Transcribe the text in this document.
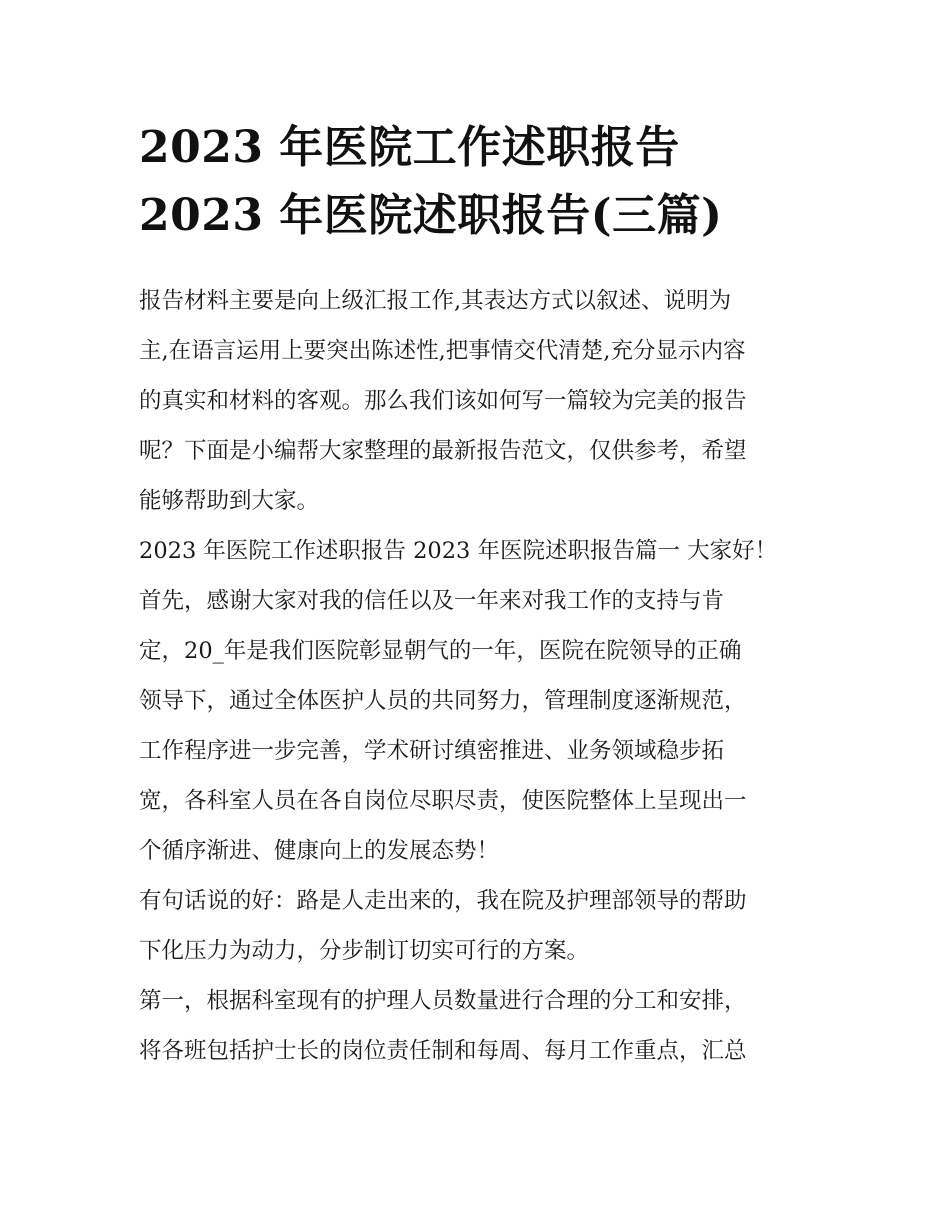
2023 年医院工作述职报告
2023 年医院述职报告(三篇)

报告材料主要是向上级汇报工作,其表达方式以叙述、说明为
主,在语言运用上要突出陈述性,把事情交代清楚,充分显示内容
的真实和材料的客观。那么我们该如何写一篇较为完美的报告
呢？下面是小编帮大家整理的最新报告范文，仅供参考，希望
能够帮助到大家。

2023 年医院工作述职报告 2023 年医院述职报告篇一 大家好！
首先，感谢大家对我的信任以及一年来对我工作的支持与肯
定，20_年是我们医院彰显朝气的一年，医院在院领导的正确
领导下，通过全体医护人员的共同努力，管理制度逐渐规范，
工作程序进一步完善，学术研讨缜密推进、业务领域稳步拓
宽，各科室人员在各自岗位尽职尽责，使医院整体上呈现出一
个循序渐进、健康向上的发展态势！

有句话说的好：路是人走出来的，我在院及护理部领导的帮助
下化压力为动力，分步制订切实可行的方案。

第一，根据科室现有的护理人员数量进行合理的分工和安排，
将各班包括护士长的岗位责任制和每周、每月工作重点，汇总
